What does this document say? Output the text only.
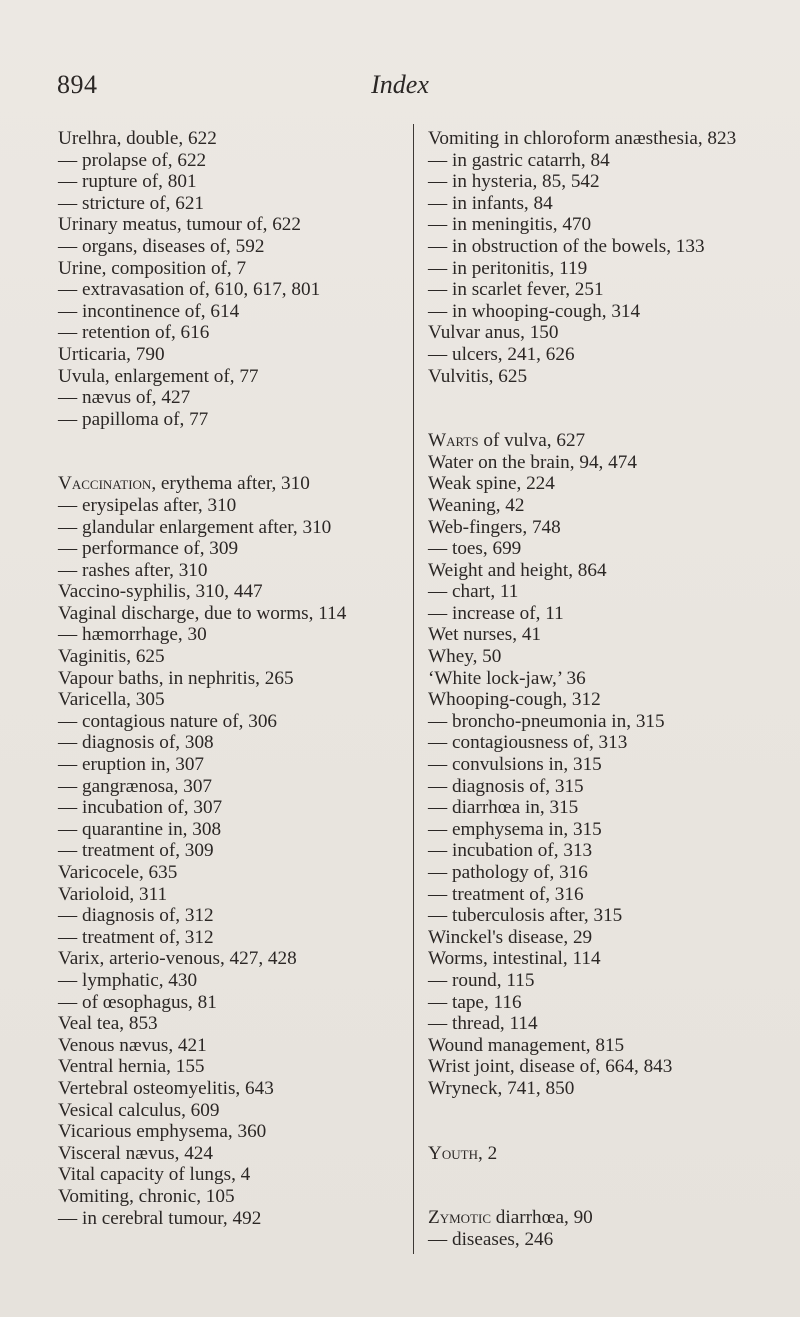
894	Index
Urelhra, double, 622
— prolapse of, 622
— rupture of, 801
— stricture of, 621
Urinary meatus, tumour of, 622
— organs, diseases of, 592
Urine, composition of, 7
— extravasation of, 610, 617, 801
— incontinence of, 614
— retention of, 616
Urticaria, 790
Uvula, enlargement of, 77
— nævus of, 427
— papilloma of, 77
Vaccination, erythema after, 310
— erysipelas after, 310
— glandular enlargement after, 310
— performance of, 309
— rashes after, 310
Vaccino-syphilis, 310, 447
Vaginal discharge, due to worms, 114
— hæmorrhage, 30
Vaginitis, 625
Vapour baths, in nephritis, 265
Varicella, 305
— contagious nature of, 306
— diagnosis of, 308
— eruption in, 307
— gangrænosa, 307
— incubation of, 307
— quarantine in, 308
— treatment of, 309
Varicocele, 635
Varioloid, 311
— diagnosis of, 312
— treatment of, 312
Varix, arterio-venous, 427, 428
— lymphatic, 430
— of œsophagus, 81
Veal tea, 853
Venous nævus, 421
Ventral hernia, 155
Vertebral osteomyelitis, 643
Vesical calculus, 609
Vicarious emphysema, 360
Visceral nævus, 424
Vital capacity of lungs, 4
Vomiting, chronic, 105
— in cerebral tumour, 492
Vomiting in chloroform anæsthesia, 823
— in gastric catarrh, 84
— in hysteria, 85, 542
— in infants, 84
— in meningitis, 470
— in obstruction of the bowels, 133
— in peritonitis, 119
— in scarlet fever, 251
— in whooping-cough, 314
Vulvar anus, 150
— ulcers, 241, 626
Vulvitis, 625
Warts of vulva, 627
Water on the brain, 94, 474
Weak spine, 224
Weaning, 42
Web-fingers, 748
— toes, 699
Weight and height, 864
— chart, 11
— increase of, 11
Wet nurses, 41
Whey, 50
‘White lock-jaw,’ 36
Whooping-cough, 312
— broncho-pneumonia in, 315
— contagiousness of, 313
— convulsions in, 315
— diagnosis of, 315
— diarrhœa in, 315
— emphysema in, 315
— incubation of, 313
— pathology of, 316
— treatment of, 316
— tuberculosis after, 315
Winckel's disease, 29
Worms, intestinal, 114
— round, 115
— tape, 116
— thread, 114
Wound management, 815
Wrist joint, disease of, 664, 843
Wryneck, 741, 850
Youth, 2
Zymotic diarrhœa, 90
— diseases, 246
